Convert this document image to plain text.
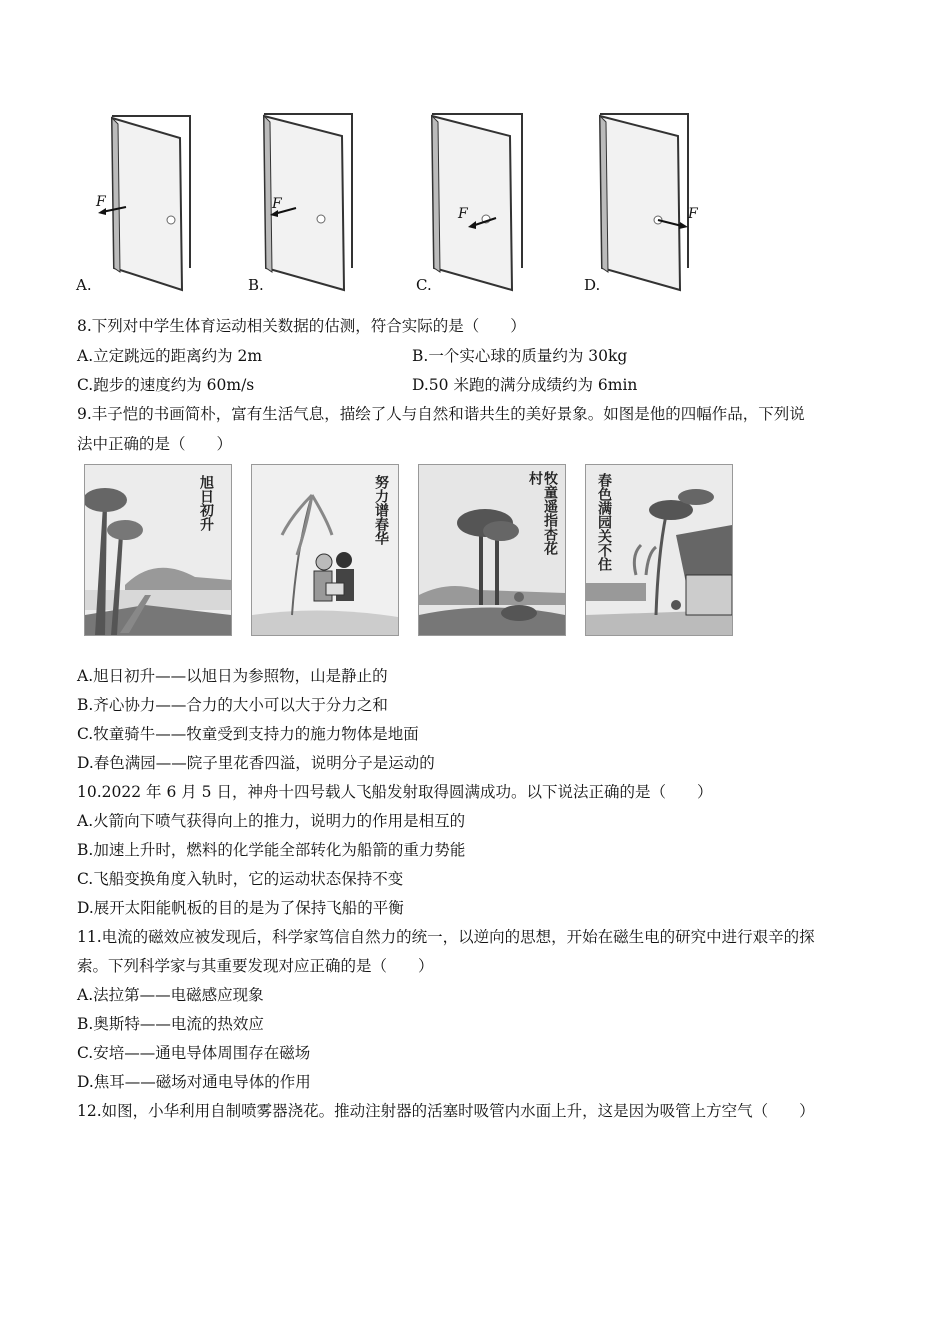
F
A.
F
B.
F
C.
F
D.
8.下列对中学生体育运动相关数据的估测，符合实际的是（　　）
A.立定跳远的距离约为 2m	B.一个实心球的质量约为 30kg
C.跑步的速度约为 60m/s	D.50 米跑的满分成绩约为 6min
9.丰子恺的书画简朴，富有生活气息，描绘了人与自然和谐共生的美好景象。如图是他的四幅作品，下列说
法中正确的是（　　）
旭日初升	努力谱春华	牧童遥指杏花村	春色满园关不住
A.旭日初升——以旭日为参照物，山是静止的
B.齐心协力——合力的大小可以大于分力之和
C.牧童骑牛——牧童受到支持力的施力物体是地面
D.春色满园——院子里花香四溢，说明分子是运动的
10.2022 年 6 月 5 日，神舟十四号载人飞船发射取得圆满成功。以下说法正确的是（　　）
A.火箭向下喷气获得向上的推力，说明力的作用是相互的
B.加速上升时，燃料的化学能全部转化为船箭的重力势能
C.飞船变换角度入轨时，它的运动状态保持不变
D.展开太阳能帆板的目的是为了保持飞船的平衡
11.电流的磁效应被发现后，科学家笃信自然力的统一，以逆向的思想，开始在磁生电的研究中进行艰辛的探
索。下列科学家与其重要发现对应正确的是（　　）
A.法拉第——电磁感应现象
B.奥斯特——电流的热效应
C.安培——通电导体周围存在磁场
D.焦耳——磁场对通电导体的作用
12.如图，小华利用自制喷雾器浇花。推动注射器的活塞时吸管内水面上升，这是因为吸管上方空气（　　）
